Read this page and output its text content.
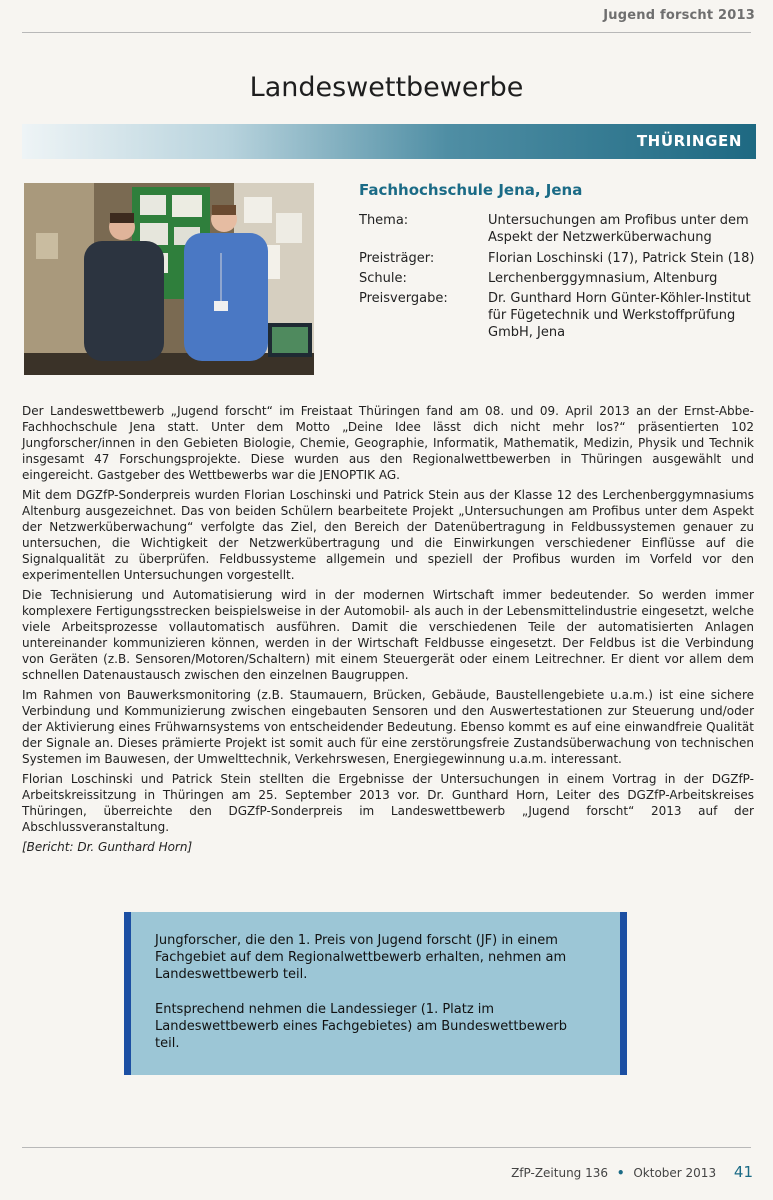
Jugend forscht 2013
Landeswettbewerbe
THÜRINGEN
Fachhochschule Jena, Jena
Thema:	Untersuchungen am Profibus unter dem Aspekt der Netzwerküberwachung
Preisträger:	Florian Loschinski (17), Patrick Stein (18)
Schule:	Lerchenberggymnasium, Altenburg
Preisvergabe:	Dr. Gunthard Horn Günter-Köhler-Institut für Fügetechnik und Werkstoffprüfung GmbH, Jena

Der Landeswettbewerb „Jugend forscht“ im Freistaat Thüringen fand am 08. und 09. April 2013 an der Ernst-Abbe-Fachhochschule Jena statt. Unter dem Motto „Deine Idee lässt dich nicht mehr los?“ präsentierten 102 Jungforscher/innen in den Gebieten Biologie, Chemie, Geographie, Informatik, Mathematik, Medizin, Physik und Technik insgesamt 47 Forschungsprojekte. Diese wurden aus den Regionalwettbewerben in Thüringen ausgewählt und eingereicht. Gastgeber des Wettbewerbs war die JENOPTIK AG.

Mit dem DGZfP-Sonderpreis wurden Florian Loschinski und Patrick Stein aus der Klasse 12 des Lerchenberggymnasiums Altenburg ausgezeichnet. Das von beiden Schülern bearbeitete Projekt „Untersuchungen am Profibus unter dem Aspekt der Netzwerküberwachung“ verfolgte das Ziel, den Bereich der Datenübertragung in Feldbussystemen genauer zu untersuchen, die Wichtigkeit der Netzwerkübertragung und die Einwirkungen verschiedener Einflüsse auf die Signalqualität zu überprüfen. Feldbussysteme allgemein und speziell der Profibus wurden im Vorfeld vor den experimentellen Untersuchungen vorgestellt.

Die Technisierung und Automatisierung wird in der modernen Wirtschaft immer bedeutender. So werden immer komplexere Fertigungsstrecken beispielsweise in der Automobil- als auch in der Lebensmittelindustrie eingesetzt, welche viele Arbeitsprozesse vollautomatisch ausführen. Damit die verschiedenen Teile der automatisierten Anlagen untereinander kommunizieren können, werden in der Wirtschaft Feldbusse eingesetzt. Der Feldbus ist die Verbindung von Geräten (z.B. Sensoren/Motoren/Schaltern) mit einem Steuergerät oder einem Leitrechner. Er dient vor allem dem schnellen Datenaustausch zwischen den einzelnen Baugruppen.

Im Rahmen von Bauwerksmonitoring (z.B. Staumauern, Brücken, Gebäude, Baustellengebiete u.a.m.) ist eine sichere Verbindung und Kommunizierung zwischen eingebauten Sensoren und den Auswertestationen zur Steuerung und/oder der Aktivierung eines Frühwarnsystems von entscheidender Bedeutung. Ebenso kommt es auf eine einwandfreie Qualität der Signale an. Dieses prämierte Projekt ist somit auch für eine zerstörungsfreie Zustandsüberwachung von technischen Systemen im Bauwesen, der Umwelttechnik, Verkehrswesen, Energiegewinnung u.a.m. interessant.

Florian Loschinski und Patrick Stein stellten die Ergebnisse der Untersuchungen in einem Vortrag in der DGZfP-Arbeitskreissitzung in Thüringen am 25. September 2013 vor. Dr. Gunthard Horn, Leiter des DGZfP-Arbeitskreises Thüringen, überreichte den DGZfP-Sonderpreis im Landeswettbewerb „Jugend forscht“ 2013 auf der Abschlussveranstaltung.

[Bericht: Dr. Gunthard Horn]

Jungforscher, die den 1. Preis von Jugend forscht (JF) in einem Fachgebiet auf dem Regionalwettbewerb erhalten, nehmen am Landeswettbewerb teil.

Entsprechend nehmen die Landessieger (1. Platz im Landeswettbewerb eines Fachgebietes) am Bundeswettbewerb teil.

ZfP-Zeitung 136 • Oktober 2013 41
